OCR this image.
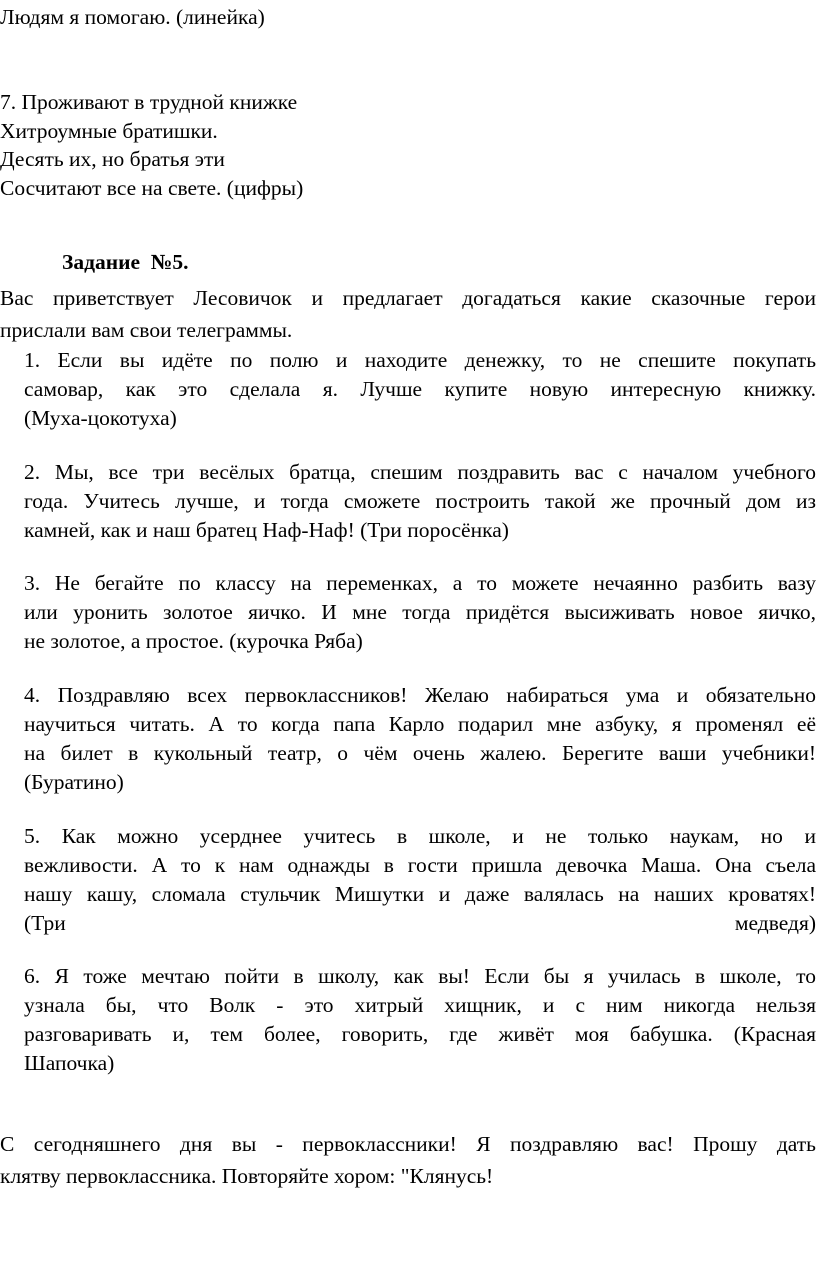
Людям я помогаю. (линейка)
7. Проживают в трудной книжке
Хитроумные братишки.
Десять их, но братья эти
Сосчитают все на свете. (цифры)
Задание  №5.
Вас приветствует Лесовичок и предлагает догадаться какие сказочные герои
прислали вам свои телеграммы.
1. Если вы идёте по полю и находите денежку, то не спешите покупать
самовар, как это сделала я. Лучше купите новую интересную книжку.
(Муха-цокотуха)
2. Мы, все три весёлых братца, спешим поздравить вас с началом учебного
года. Учитесь лучше, и тогда сможете построить такой же прочный дом из
камней, как и наш братец Наф-Наф! (Три поросёнка)
3. Не бегайте по классу на переменках, а то можете нечаянно разбить вазу
или уронить золотое яичко. И мне тогда придётся высиживать новое яичко,
не золотое, а простое. (курочка Ряба)
4. Поздравляю всех первоклассников! Желаю набираться ума и обязательно
научиться читать. А то когда папа Карло подарил мне азбуку, я променял её
на билет в кукольный театр, о чём очень жалею. Берегите ваши учебники!
(Буратино)
5. Как можно усерднее учитесь в школе, и не только наукам, но и
вежливости. А то к нам однажды в гости пришла девочка Маша. Она съела
нашу кашу, сломала стульчик Мишутки и даже валялась на наших кроватях!
(Три	медведя)
6. Я тоже мечтаю пойти в школу, как вы! Если бы я училась в школе, то
узнала бы, что Волк - это хитрый хищник, и с ним никогда нельзя
разговаривать и, тем более, говорить, где живёт моя бабушка. (Красная
Шапочка)
С сегодняшнего дня вы - первоклассники! Я поздравляю вас! Прошу дать
клятву первоклассника. Повторяйте хором: "Клянусь!
